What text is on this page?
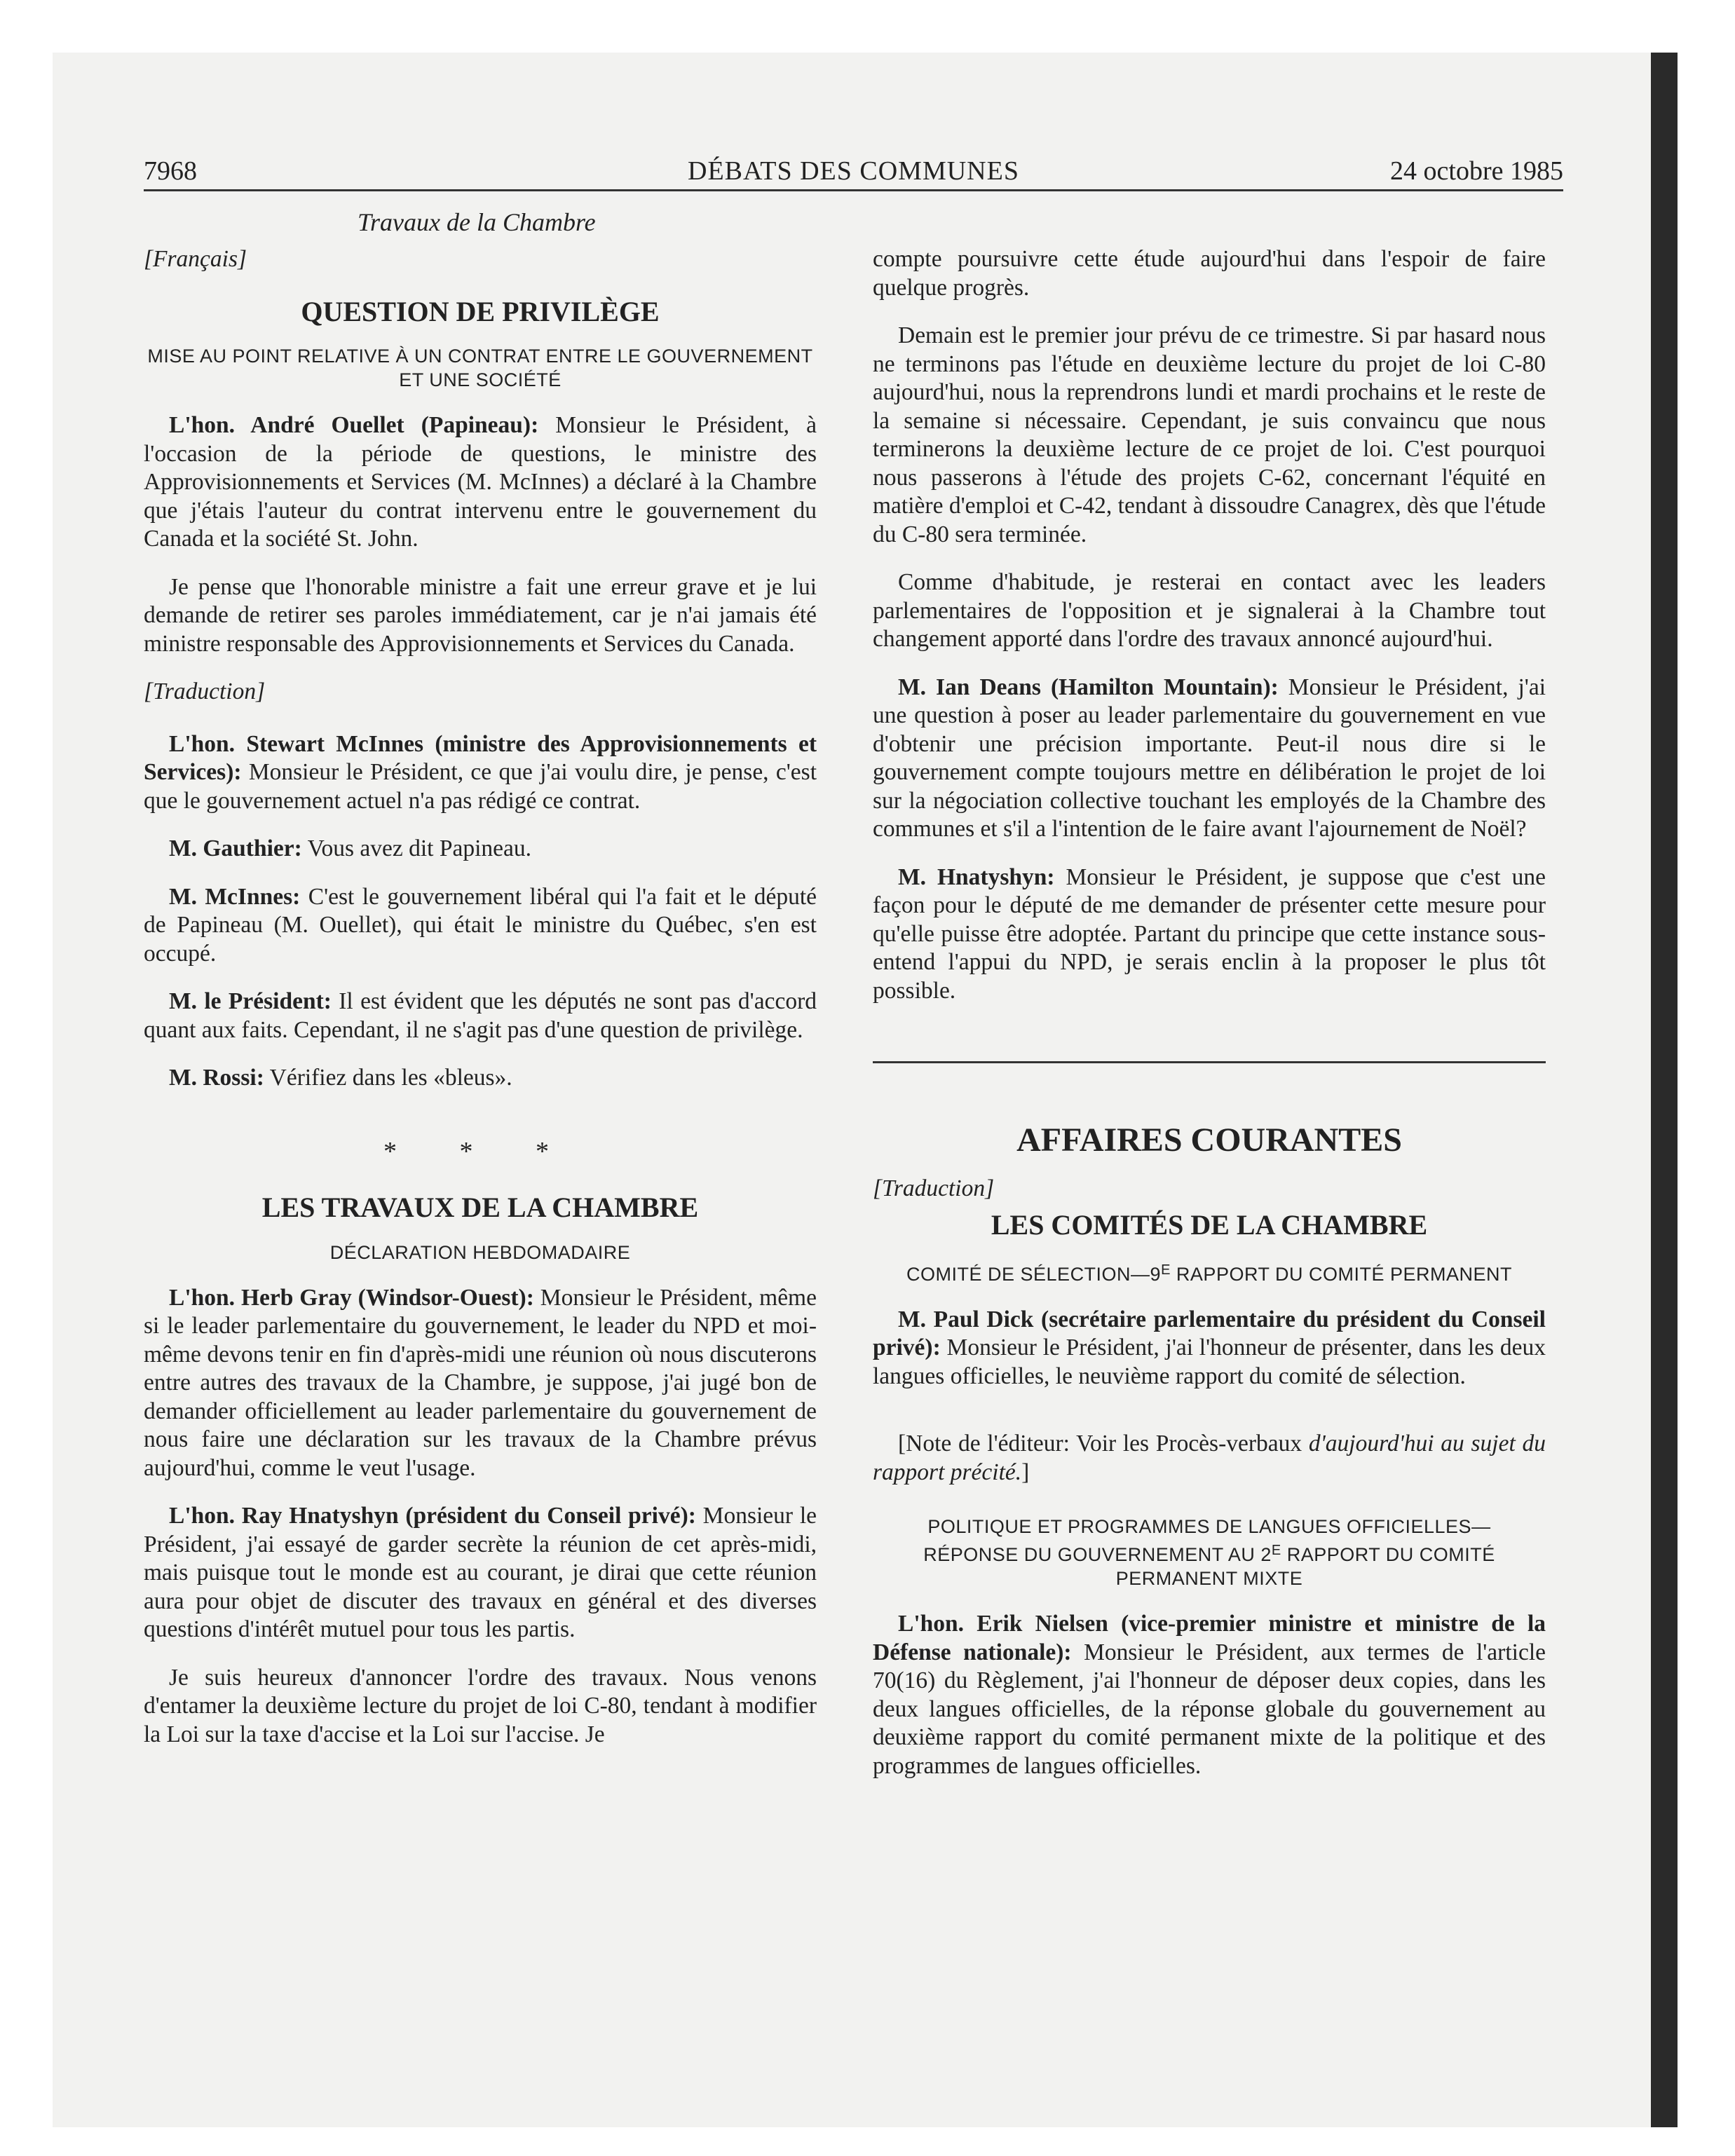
7968	DÉBATS DES COMMUNES	24 octobre 1985
Travaux de la Chambre

[Français]

QUESTION DE PRIVILÈGE
MISE AU POINT RELATIVE À UN CONTRAT ENTRE LE GOUVERNEMENT ET UNE SOCIÉTÉ

L'hon. André Ouellet (Papineau): Monsieur le Président, à l'occasion de la période de questions, le ministre des Approvisionnements et Services (M. McInnes) a déclaré à la Chambre que j'étais l'auteur du contrat intervenu entre le gouvernement du Canada et la société St. John.

Je pense que l'honorable ministre a fait une erreur grave et je lui demande de retirer ses paroles immédiatement, car je n'ai jamais été ministre responsable des Approvisionnements et Services du Canada.

[Traduction]

L'hon. Stewart McInnes (ministre des Approvisionnements et Services): Monsieur le Président, ce que j'ai voulu dire, je pense, c'est que le gouvernement actuel n'a pas rédigé ce contrat.

M. Gauthier: Vous avez dit Papineau.

M. McInnes: C'est le gouvernement libéral qui l'a fait et le député de Papineau (M. Ouellet), qui était le ministre du Québec, s'en est occupé.

M. le Président: Il est évident que les députés ne sont pas d'accord quant aux faits. Cependant, il ne s'agit pas d'une question de privilège.

M. Rossi: Vérifiez dans les «bleus».

* * *
LES TRAVAUX DE LA CHAMBRE
DÉCLARATION HEBDOMADAIRE

L'hon. Herb Gray (Windsor-Ouest): Monsieur le Président, même si le leader parlementaire du gouvernement, le leader du NPD et moi-même devons tenir en fin d'après-midi une réunion où nous discuterons entre autres des travaux de la Chambre, je suppose, j'ai jugé bon de demander officiellement au leader parlementaire du gouvernement de nous faire une déclaration sur les travaux de la Chambre prévus aujourd'hui, comme le veut l'usage.

L'hon. Ray Hnatyshyn (président du Conseil privé): Monsieur le Président, j'ai essayé de garder secrète la réunion de cet après-midi, mais puisque tout le monde est au courant, je dirai que cette réunion aura pour objet de discuter des travaux en général et des diverses questions d'intérêt mutuel pour tous les partis.

Je suis heureux d'annoncer l'ordre des travaux. Nous venons d'entamer la deuxième lecture du projet de loi C-80, tendant à modifier la Loi sur la taxe d'accise et la Loi sur l'accise. Je

compte poursuivre cette étude aujourd'hui dans l'espoir de faire quelque progrès.

Demain est le premier jour prévu de ce trimestre. Si par hasard nous ne terminons pas l'étude en deuxième lecture du projet de loi C-80 aujourd'hui, nous la reprendrons lundi et mardi prochains et le reste de la semaine si nécessaire. Cependant, je suis convaincu que nous terminerons la deuxième lecture de ce projet de loi. C'est pourquoi nous passerons à l'étude des projets C-62, concernant l'équité en matière d'emploi et C-42, tendant à dissoudre Canagrex, dès que l'étude du C-80 sera terminée.

Comme d'habitude, je resterai en contact avec les leaders parlementaires de l'opposition et je signalerai à la Chambre tout changement apporté dans l'ordre des travaux annoncé aujourd'hui.

M. Ian Deans (Hamilton Mountain): Monsieur le Président, j'ai une question à poser au leader parlementaire du gouvernement en vue d'obtenir une précision importante. Peut-il nous dire si le gouvernement compte toujours mettre en délibération le projet de loi sur la négociation collective touchant les employés de la Chambre des communes et s'il a l'intention de le faire avant l'ajournement de Noël?

M. Hnatyshyn: Monsieur le Président, je suppose que c'est une façon pour le député de me demander de présenter cette mesure pour qu'elle puisse être adoptée. Partant du principe que cette instance sous-entend l'appui du NPD, je serais enclin à la proposer le plus tôt possible.

AFFAIRES COURANTES

[Traduction]

LES COMITÉS DE LA CHAMBRE
COMITÉ DE $SÉLECTION—9^E$ RAPPORT DU COMITÉ PERMANENT

M. Paul Dick (secrétaire parlementaire du président du Conseil privé): Monsieur le Président, j'ai l'honneur de présenter, dans les deux langues officielles, le neuvième rapport du comité de sélection.

[Note de l'éditeur: Voir les Procès-verbaux d'aujourd'hui au sujet du rapport précité.]

POLITIQUE ET PROGRAMMES DE LANGUES OFFICIELLES—
RÉPONSE DU GOUVERNEMENT AU $2^E$ RAPPORT DU COMITÉ
PERMANENT MIXTE

L'hon. Erik Nielsen (vice-premier ministre et ministre de la Défense nationale): Monsieur le Président, aux termes de l'article 70(16) du Règlement, j'ai l'honneur de déposer deux copies, dans les deux langues officielles, de la réponse globale du gouvernement au deuxième rapport du comité permanent mixte de la politique et des programmes de langues officielles.
